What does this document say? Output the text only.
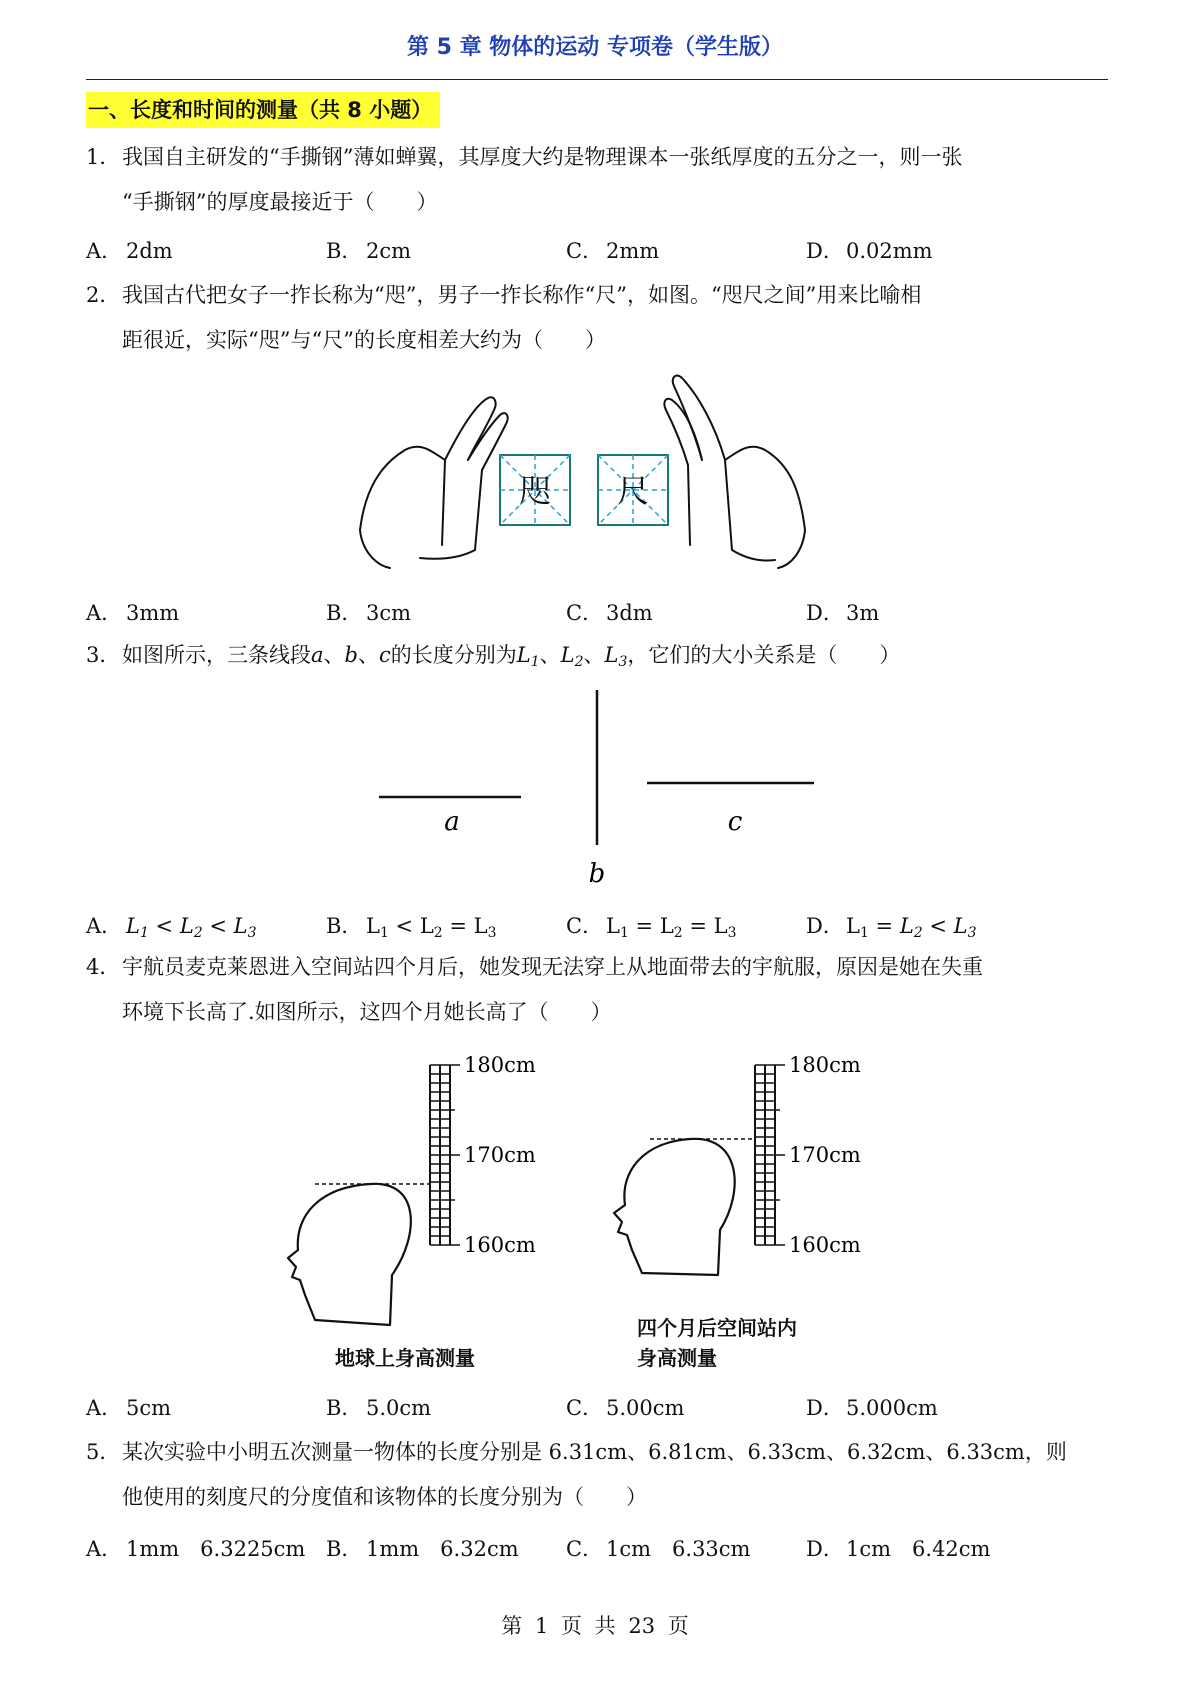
第 5 章 物体的运动 专项卷（学生版）
一、长度和时间的测量（共 8 小题）
1． 我国自主研发的“手撕钢”薄如蝉翼，其厚度大约是物理课本一张纸厚度的五分之一，则一张
“手撕钢”的厚度最接近于（　　）
A． 2dm	B． 2cm	C． 2mm	D． 0.02mm
2． 我国古代把女子一拃长称为“咫”，男子一拃长称作“尺”，如图。“咫尺之间”用来比喻相
距很近，实际“咫”与“尺”的长度相差大约为（　　）
咫 尺
A． 3mm	B． 3cm	C． 3dm	D． 3m
3． 如图所示，三条线段a、b、c的长度分别为$L_1$、$L_2$、$L_3$，它们的大小关系是（　　）
a
b
c
A． $L_1 < L_2 < L_3$	B． L1 < L2 = L3	C． L1 = L2 = L3	D． $L1 = L_2 < L_3$
4． 宇航员麦克莱恩进入空间站四个月后，她发现无法穿上从地面带去的宇航服，原因是她在失重
环境下长高了.如图所示，这四个月她长高了（　　）
180cm
170cm
160cm
地球上身高测量
180cm
170cm
160cm
四个月后空间站内
身高测量
A． 5cm	B． 5.0cm	C． 5.00cm	D． 5.000cm
5． 某次实验中小明五次测量一物体的长度分别是 6.31cm、6.81cm、6.33cm、6.32cm、6.33cm，则
他使用的刻度尺的分度值和该物体的长度分别为（　　）
A． 1mm　6.3225cm B． 1mm　6.32cm C． 1cm　6.33cm	D． 1cm　6.42cm
第 1 页 共 23 页
